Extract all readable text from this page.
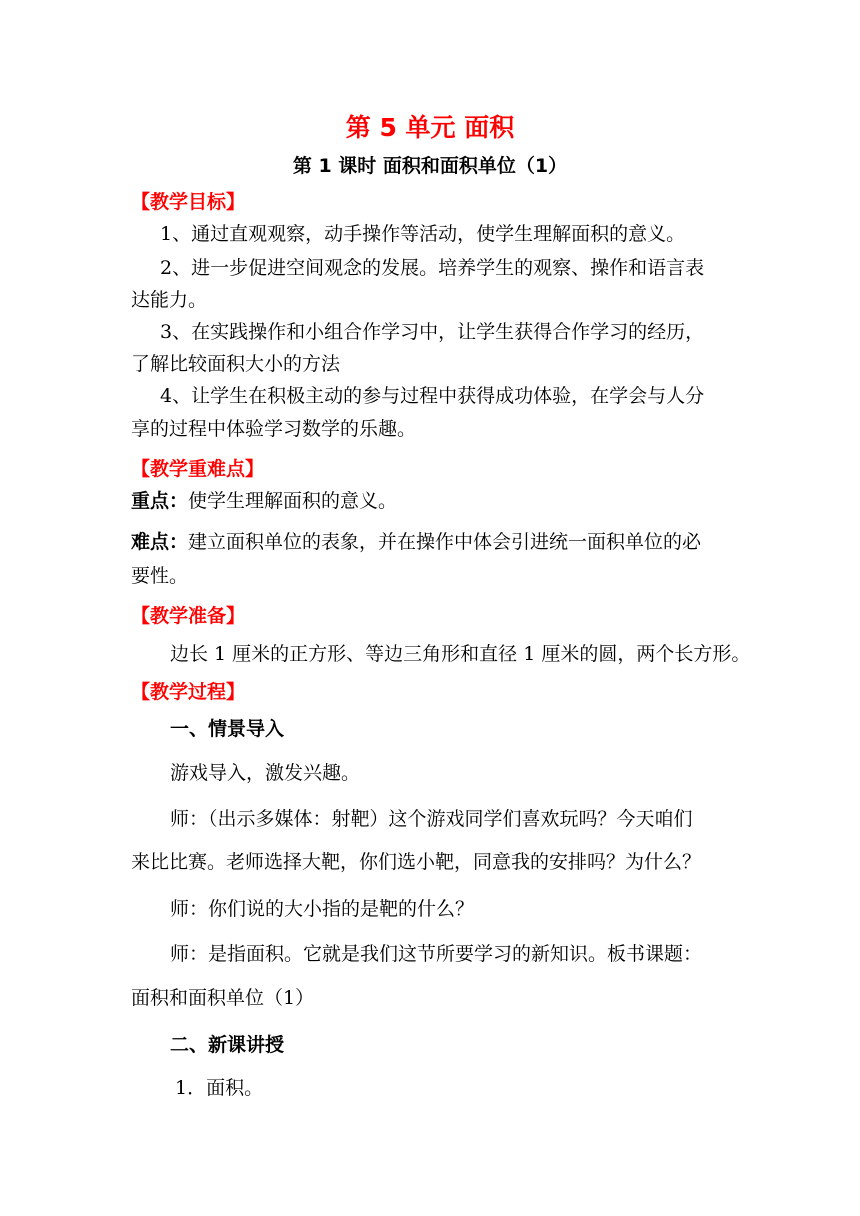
第 5 单元 面积
第 1 课时 面积和面积单位（1）
【教学目标】
1、通过直观观察，动手操作等活动，使学生理解面积的意义。
2、进一步促进空间观念的发展。培养学生的观察、操作和语言表
达能力。
3、在实践操作和小组合作学习中，让学生获得合作学习的经历，
了解比较面积大小的方法
4、让学生在积极主动的参与过程中获得成功体验，在学会与人分
享的过程中体验学习数学的乐趣。
【教学重难点】
重点：使学生理解面积的意义。
难点：建立面积单位的表象，并在操作中体会引进统一面积单位的必
要性。
【教学准备】
边长 1 厘米的正方形、等边三角形和直径 1 厘米的圆，两个长方形。
【教学过程】
一、情景导入
游戏导入，激发兴趣。
师：（出示多媒体：射靶）这个游戏同学们喜欢玩吗？今天咱们
来比比赛。老师选择大靶，你们选小靶，同意我的安排吗？为什么？
师：你们说的大小指的是靶的什么？
师：是指面积。它就是我们这节所要学习的新知识。板书课题：
面积和面积单位（1）
二、新课讲授
1．面积。
